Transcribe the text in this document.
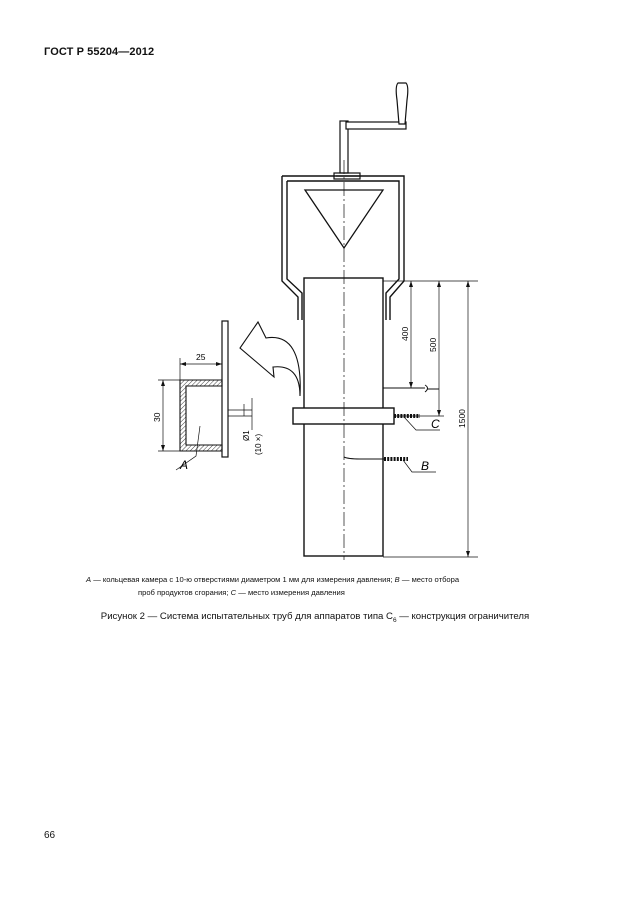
ГОСТ Р 55204—2012
400
500
1500
25
30
Ø1 (10 ×)
A	B
C
A — кольцевая камера с 10-ю отверстиями диаметром 1 мм для измерения давления; B — место отбора
проб продуктов сгорания; C — место измерения давления
Рисунок 2 — Система испытательных труб для аппаратов типа $C_6$ — конструкция ограничителя
66
